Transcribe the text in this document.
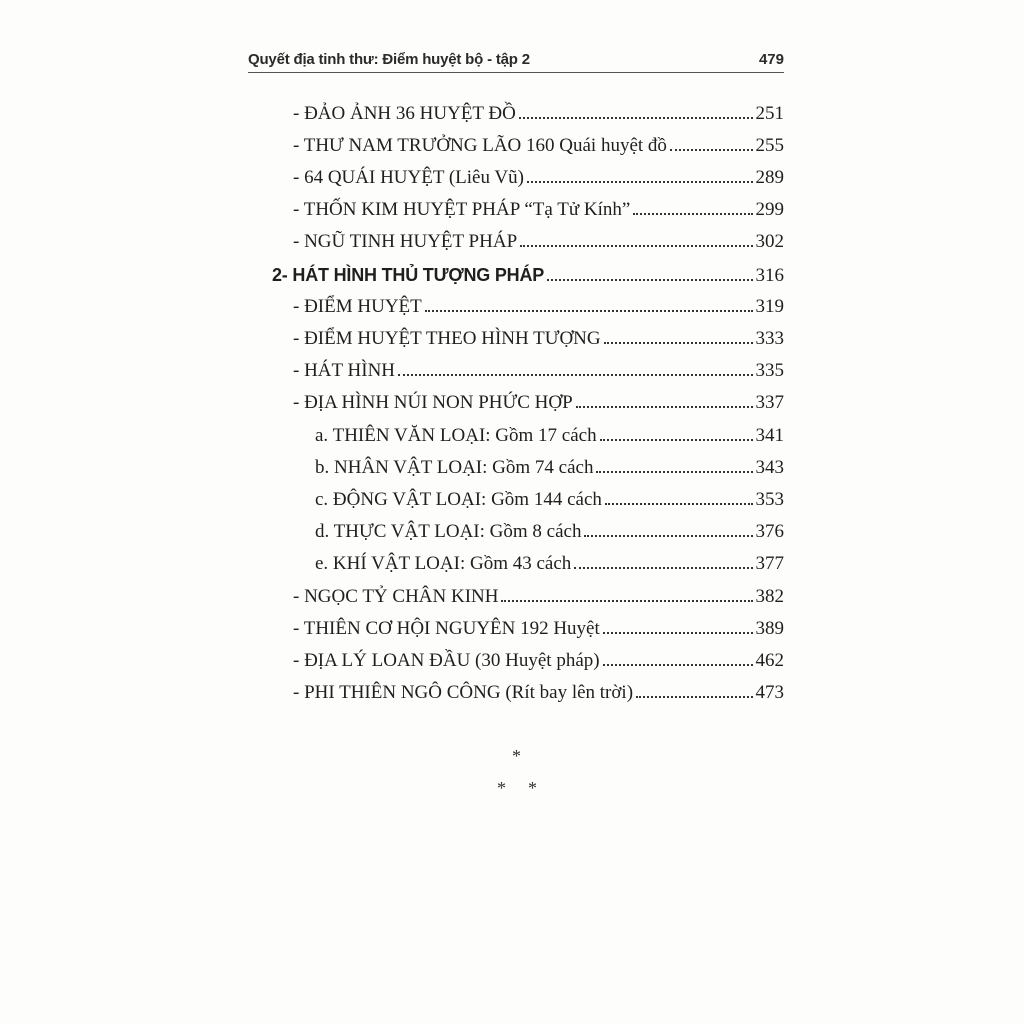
Quyết địa tinh thư: Điểm huyệt bộ - tập 2	479
- ĐẢO ẢNH 36 HUYỆT ĐỒ	251
- THƯ NAM TRƯỞNG LÃO 160 Quái huyệt đồ	255
- 64 QUÁI HUYỆT (Liêu Vũ)	289
- THỐN KIM HUYỆT PHÁP “Tạ Tử Kính”	299
- NGŨ TINH HUYỆT PHÁP	302
2- HÁT HÌNH THỦ TƯỢNG PHÁP	316
- ĐIỂM HUYỆT	319
- ĐIỂM HUYỆT THEO HÌNH TƯỢNG	333
- HÁT HÌNH	335
- ĐỊA HÌNH NÚI NON PHỨC HỢP	337
a. THIÊN VĂN LOẠI: Gồm 17 cách	341
b. NHÂN VẬT LOẠI: Gồm 74 cách	343
c. ĐỘNG VẬT LOẠI: Gồm 144 cách	353
d. THỰC VẬT LOẠI: Gồm 8 cách	376
e. KHÍ VẬT LOẠI: Gồm 43 cách	377
- NGỌC TỶ CHÂN KINH	382
- THIÊN CƠ HỘI NGUYÊN 192 Huyệt	389
- ĐỊA LÝ LOAN ĐẦU (30 Huyệt pháp)	462
- PHI THIÊN NGÔ CÔNG (Rít bay lên trời)	473
*
* *
